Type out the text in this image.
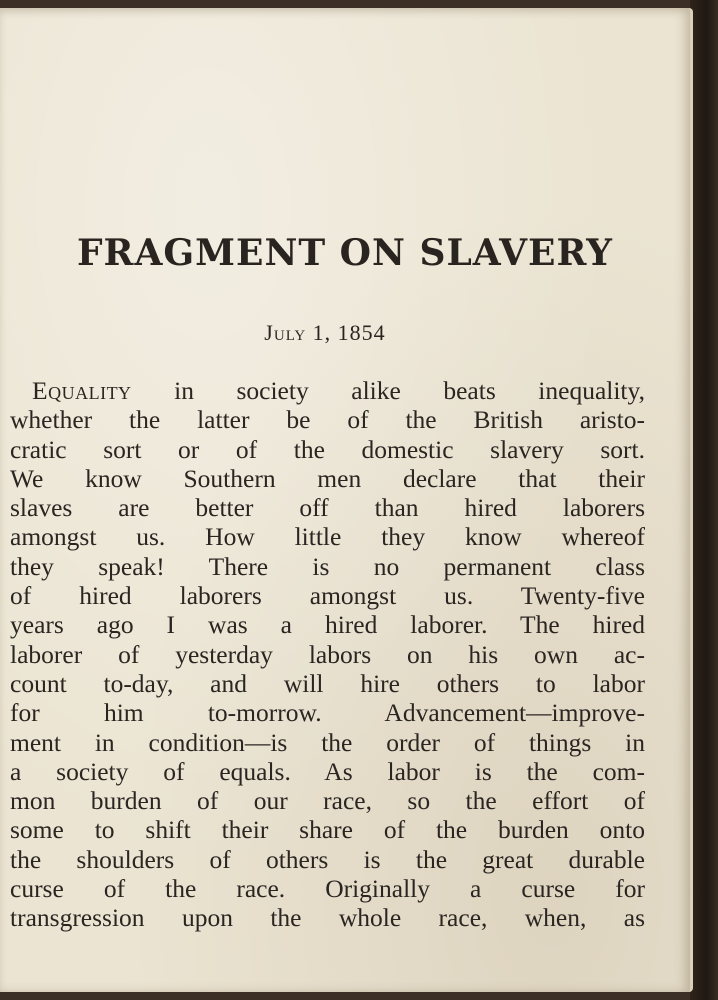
FRAGMENT ON SLAVERY
July 1, 1854
Equality in society alike beats inequality,
whether the latter be of the British aristo-
cratic sort or of the domestic slavery sort.
We know Southern men declare that their
slaves are better off than hired laborers
amongst us. How little they know whereof
they speak! There is no permanent class
of hired laborers amongst us. Twenty-five
years ago I was a hired laborer. The hired
laborer of yesterday labors on his own ac-
count to-day, and will hire others to labor
for him to-morrow. Advancement—improve-
ment in condition—is the order of things in
a society of equals. As labor is the com-
mon burden of our race, so the effort of
some to shift their share of the burden onto
the shoulders of others is the great durable
curse of the race. Originally a curse for
transgression upon the whole race, when, as
